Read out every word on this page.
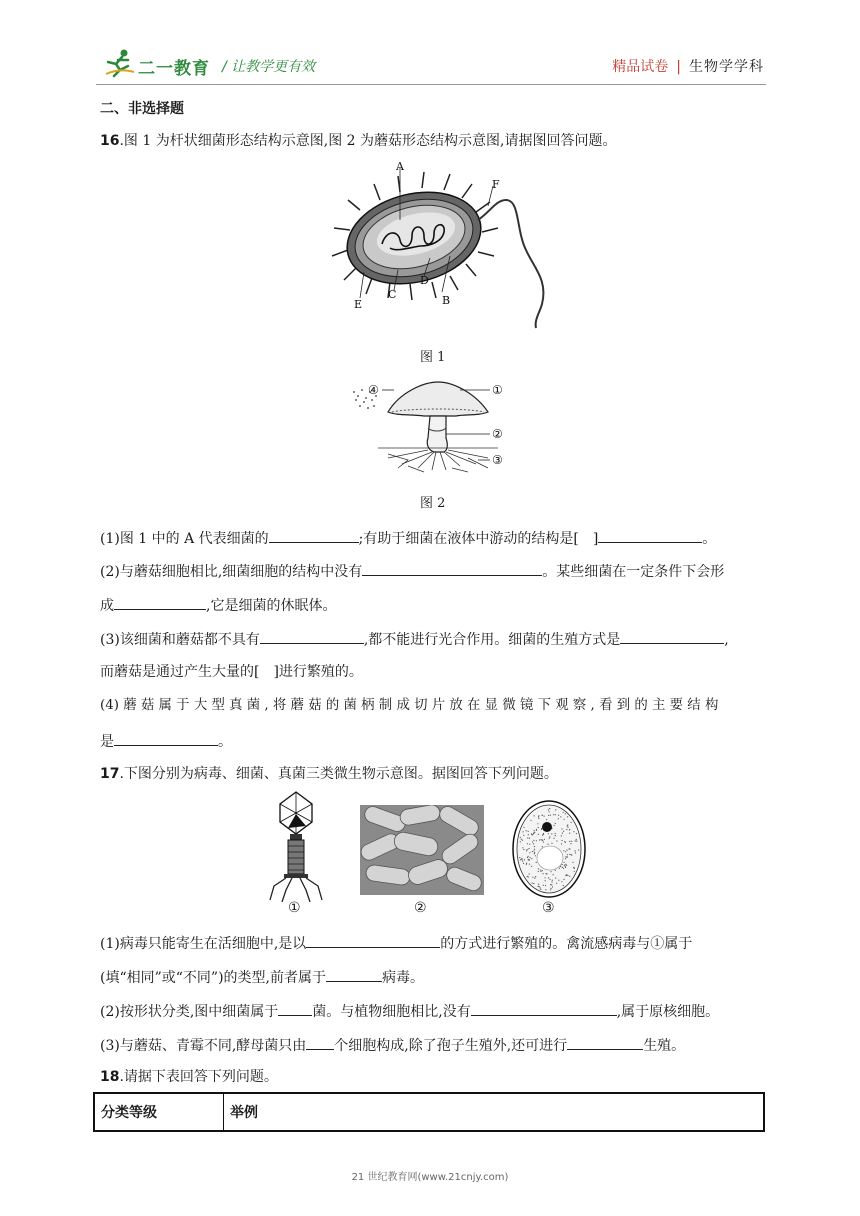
二一教育 / 让教学更有效	精品试卷 | 生物学学科
二、非选择题
16.图 1 为杆状细菌形态结构示意图,图 2 为蘑菇形态结构示意图,请据图回答问题。
A
F
B
D
C
E
图 1
①
②
③
④
图 2
(1)图 1 中的 A 代表细菌的	;有助于细菌在液体中游动的结构是[　]	。
(2)与蘑菇细胞相比,细菌细胞的结构中没有	。某些细菌在一定条件下会形
成	,它是细菌的休眠体。
(3)该细菌和蘑菇都不具有	,都不能进行光合作用。细菌的生殖方式是	,
而蘑菇是通过产生大量的[　]进行繁殖的。
(4) 蘑 菇 属 于 大 型 真 菌 , 将 蘑 菇 的 菌 柄 制 成 切 片 放 在 显 微 镜 下 观 察 , 看 到 的 主 要 结 构
是	。
17.下图分别为病毒、细菌、真菌三类微生物示意图。据图回答下列问题。
①	②	③
(1)病毒只能寄生在活细胞中,是以	的方式进行繁殖的。禽流感病毒与①属于
(填“相同”或“不同”)的类型,前者属于	病毒。
(2)按形状分类,图中细菌属于 菌。与植物细胞相比,没有	,属于原核细胞。
(3)与蘑菇、青霉不同,酵母菌只由 个细胞构成,除了孢子生殖外,还可进行	生殖。
18.请据下表回答下列问题。
分类等级	举例
21 世纪教育网(www.21cnjy.com)
